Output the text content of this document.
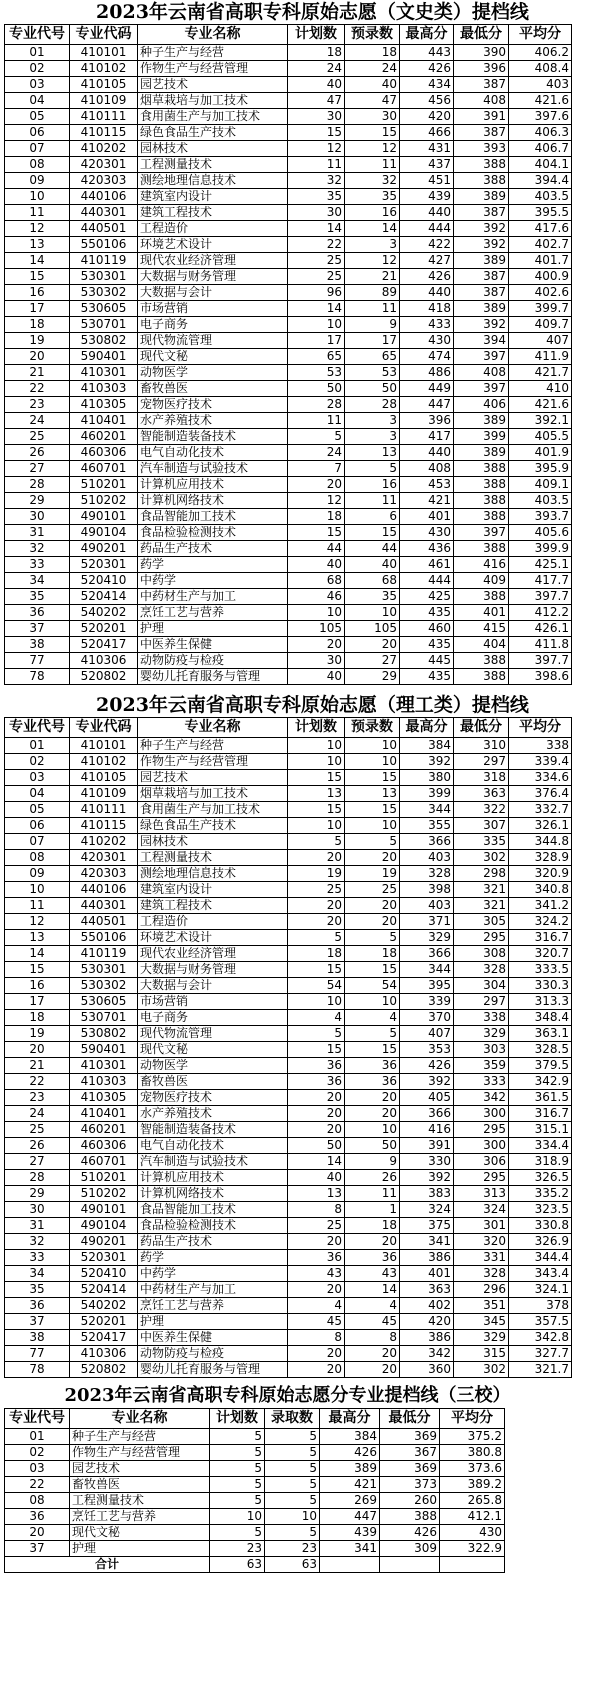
2023年云南省高职专科原始志愿（文史类）提档线
专业代号	专业代码	专业名称	计划数	预录数	最高分	最低分	平均分
01	410101	种子生产与经营	18	18	443	390	406.2
02	410102	作物生产与经营管理	24	24	426	396	408.4
03	410105	园艺技术	40	40	434	387	403
04	410109	烟草栽培与加工技术	47	47	456	408	421.6
05	410111	食用菌生产与加工技术	30	30	420	391	397.6
06	410115	绿色食品生产技术	15	15	466	387	406.3
07	410202	园林技术	12	12	431	393	406.7
08	420301	工程测量技术	11	11	437	388	404.1
09	420303	测绘地理信息技术	32	32	451	388	394.4
10	440106	建筑室内设计	35	35	439	389	403.5
11	440301	建筑工程技术	30	16	440	387	395.5
12	440501	工程造价	14	14	444	392	417.6
13	550106	环境艺术设计	22	3	422	392	402.7
14	410119	现代农业经济管理	25	12	427	389	401.7
15	530301	大数据与财务管理	25	21	426	387	400.9
16	530302	大数据与会计	96	89	440	387	402.6
17	530605	市场营销	14	11	418	389	399.7
18	530701	电子商务	10	9	433	392	409.7
19	530802	现代物流管理	17	17	430	394	407
20	590401	现代文秘	65	65	474	397	411.9
21	410301	动物医学	53	53	486	408	421.7
22	410303	畜牧兽医	50	50	449	397	410
23	410305	宠物医疗技术	28	28	447	406	421.6
24	410401	水产养殖技术	11	3	396	389	392.1
25	460201	智能制造装备技术	5	3	417	399	405.5
26	460306	电气自动化技术	24	13	440	389	401.9
27	460701	汽车制造与试验技术	7	5	408	388	395.9
28	510201	计算机应用技术	20	16	453	388	409.1
29	510202	计算机网络技术	12	11	421	388	403.5
30	490101	食品智能加工技术	18	6	401	388	393.7
31	490104	食品检验检测技术	15	15	430	397	405.6
32	490201	药品生产技术	44	44	436	388	399.9
33	520301	药学	40	40	461	416	425.1
34	520410	中药学	68	68	444	409	417.7
35	520414	中药材生产与加工	46	35	425	388	397.7
36	540202	烹饪工艺与营养	10	10	435	401	412.2
37	520201	护理	105	105	460	415	426.1
38	520417	中医养生保健	20	20	435	404	411.8
77	410306	动物防疫与检疫	30	27	445	388	397.7
78	520802	婴幼儿托育服务与管理	40	29	435	388	398.6
2023年云南省高职专科原始志愿（理工类）提档线
专业代号	专业代码	专业名称	计划数	预录数	最高分	最低分	平均分
01	410101	种子生产与经营	10	10	384	310	338
02	410102	作物生产与经营管理	10	10	392	297	339.4
03	410105	园艺技术	15	15	380	318	334.6
04	410109	烟草栽培与加工技术	13	13	399	363	376.4
05	410111	食用菌生产与加工技术	15	15	344	322	332.7
06	410115	绿色食品生产技术	10	10	355	307	326.1
07	410202	园林技术	5	5	366	335	344.8
08	420301	工程测量技术	20	20	403	302	328.9
09	420303	测绘地理信息技术	19	19	328	298	320.9
10	440106	建筑室内设计	25	25	398	321	340.8
11	440301	建筑工程技术	20	20	403	321	341.2
12	440501	工程造价	20	20	371	305	324.2
13	550106	环境艺术设计	5	5	329	295	316.7
14	410119	现代农业经济管理	18	18	366	308	320.7
15	530301	大数据与财务管理	15	15	344	328	333.5
16	530302	大数据与会计	54	54	395	304	330.3
17	530605	市场营销	10	10	339	297	313.3
18	530701	电子商务	4	4	370	338	348.4
19	530802	现代物流管理	5	5	407	329	363.1
20	590401	现代文秘	15	15	353	303	328.5
21	410301	动物医学	36	36	426	359	379.5
22	410303	畜牧兽医	36	36	392	333	342.9
23	410305	宠物医疗技术	20	20	405	342	361.5
24	410401	水产养殖技术	20	20	366	300	316.7
25	460201	智能制造装备技术	20	10	416	295	315.1
26	460306	电气自动化技术	50	50	391	300	334.4
27	460701	汽车制造与试验技术	14	9	330	306	318.9
28	510201	计算机应用技术	40	26	392	295	326.5
29	510202	计算机网络技术	13	11	383	313	335.2
30	490101	食品智能加工技术	8	1	324	324	323.5
31	490104	食品检验检测技术	25	18	375	301	330.8
32	490201	药品生产技术	20	20	341	320	326.9
33	520301	药学	36	36	386	331	344.4
34	520410	中药学	43	43	401	328	343.4
35	520414	中药材生产与加工	20	14	363	296	324.1
36	540202	烹饪工艺与营养	4	4	402	351	378
37	520201	护理	45	45	420	345	357.5
38	520417	中医养生保健	8	8	386	329	342.8
77	410306	动物防疫与检疫	20	20	342	315	327.7
78	520802	婴幼儿托育服务与管理	20	20	360	302	321.7
2023年云南省高职专科原始志愿分专业提档线（三校）
专业代号	专业名称	计划数	录取数	最高分	最低分	平均分
01	种子生产与经营	5	5	384	369	375.2
02	作物生产与经营管理	5	5	426	367	380.8
03	园艺技术	5	5	389	369	373.6
22	畜牧兽医	5	5	421	373	389.2
08	工程测量技术	5	5	269	260	265.8
36	烹饪工艺与营养	10	10	447	388	412.1
20	现代文秘	5	5	439	426	430
37	护理	23	23	341	309	322.9
合计		63	63			
